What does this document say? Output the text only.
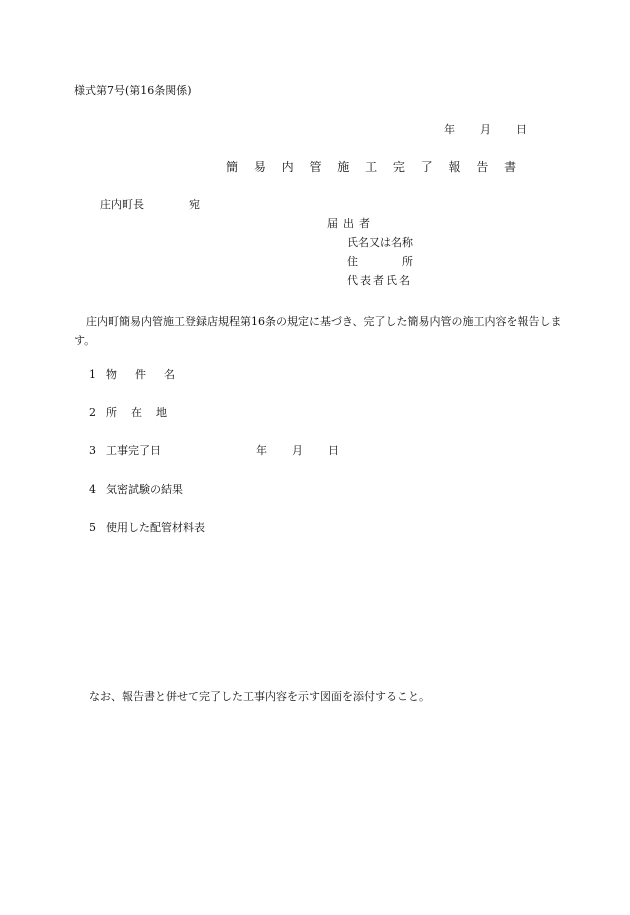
様式第7号(第16条関係)
年 月 日
簡 易 内 管 施 工 完 了 報 告 書
庄内町長	宛
届出者
氏名又は名称
住	所
代表者氏名
庄内町簡易内管施工登録店規程第16条の規定に基づき、完了した簡易内管の施工内容を報告します。
1 物件名
2 所在地
3 工事完了日	年 月 日
4 気密試験の結果
5 使用した配管材料表
なお、報告書と併せて完了した工事内容を示す図面を添付すること。
